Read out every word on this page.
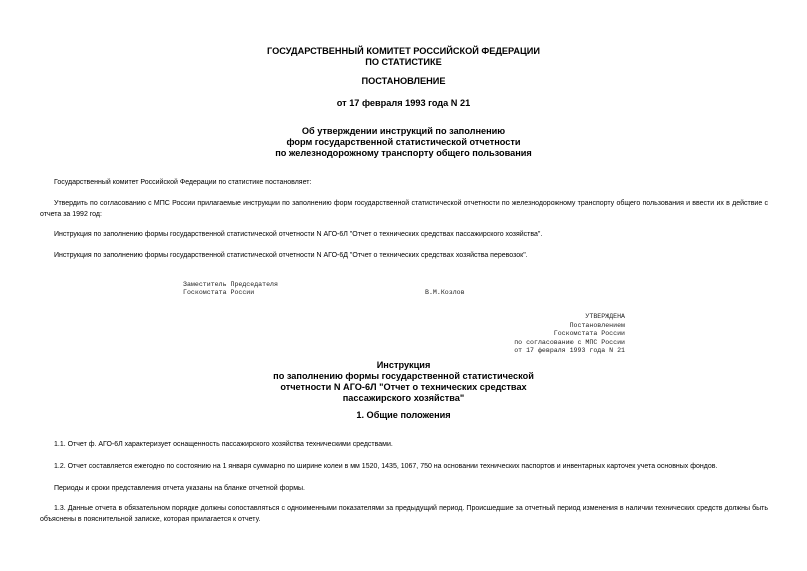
ГОСУДАРСТВЕННЫЙ КОМИТЕТ РОССИЙСКОЙ ФЕДЕРАЦИИ
ПО СТАТИСТИКЕ
ПОСТАНОВЛЕНИЕ
от 17 февраля 1993 года N 21
Об утверждении инструкций по заполнению
форм государственной статистической отчетности
по железнодорожному транспорту общего пользования
Государственный комитет Российской Федерации по статистике постановляет:
Утвердить по согласованию с МПС России прилагаемые инструкции по заполнению форм государственной статистической отчетности по железнодорожному транспорту общего пользования и ввести их в действие с отчета за 1992 год:
Инструкция по заполнению формы государственной статистической отчетности N АГО-6Л "Отчет о технических средствах пассажирского хозяйства".
Инструкция по заполнению формы государственной статистической отчетности N АГО-6Д "Отчет о технических средствах хозяйства перевозок".
Заместитель Председателя
Госкомстата России	В.М.Козлов
УТВЕРЖДЕНА
Постановлением
Госкомстата России
по согласованию с МПС России
от 17 февраля 1993 года N 21
Инструкция
по заполнению формы государственной статистической
отчетности N АГО-6Л "Отчет о технических средствах
пассажирского хозяйства"
1. Общие положения
1.1. Отчет ф. АГО-6Л характеризует оснащенность пассажирского хозяйства техническими средствами.
1.2. Отчет составляется ежегодно по состоянию на 1 января суммарно по ширине колеи в мм 1520, 1435, 1067, 750 на основании технических паспортов и инвентарных карточек учета основных фондов.
Периоды и сроки представления отчета указаны на бланке отчетной формы.
1.3. Данные отчета в обязательном порядке должны сопоставляться с одноименными показателями за предыдущий период. Происшедшие за отчетный период изменения в наличии технических средств должны быть объяснены в пояснительной записке, которая прилагается к отчету.
